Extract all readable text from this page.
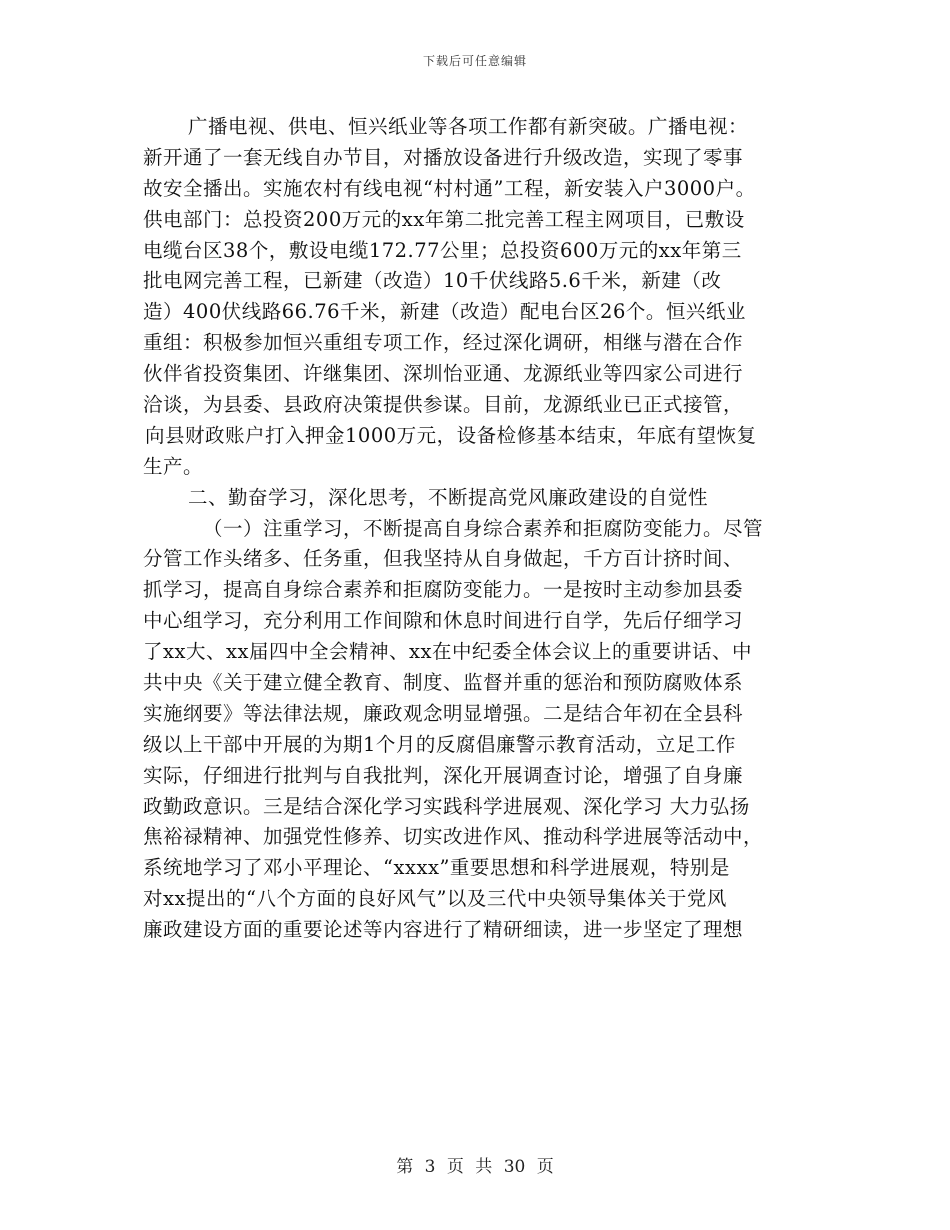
下载后可任意编辑
广播电视、供电、恒兴纸业等各项工作都有新突破。广播电视：
新开通了一套无线自办节目，对播放设备进行升级改造，实现了零事
故安全播出。实施农村有线电视“村村通”工程，新安装入户3000户。
供电部门：总投资200万元的xx年第二批完善工程主网项目，已敷设
电缆台区38个，敷设电缆172.77公里；总投资600万元的xx年第三
批电网完善工程，已新建（改造）10千伏线路5.6千米，新建（改
造）400伏线路66.76千米，新建（改造）配电台区26个。恒兴纸业
重组：积极参加恒兴重组专项工作，经过深化调研，相继与潜在合作
伙伴省投资集团、许继集团、深圳怡亚通、龙源纸业等四家公司进行
洽谈，为县委、县政府决策提供参谋。目前，龙源纸业已正式接管，
向县财政账户打入押金1000万元，设备检修基本结束，年底有望恢复
生产。
二、勤奋学习，深化思考，不断提高党风廉政建设的自觉性
（一）注重学习，不断提高自身综合素养和拒腐防变能力。尽管
分管工作头绪多、任务重，但我坚持从自身做起，千方百计挤时间、
抓学习，提高自身综合素养和拒腐防变能力。一是按时主动参加县委
中心组学习，充分利用工作间隙和休息时间进行自学，先后仔细学习
了xx大、xx届四中全会精神、xx在中纪委全体会议上的重要讲话、中
共中央《关于建立健全教育、制度、监督并重的惩治和预防腐败体系
实施纲要》等法律法规，廉政观念明显增强。二是结合年初在全县科
级以上干部中开展的为期1个月的反腐倡廉警示教育活动，立足工作
实际，仔细进行批判与自我批判，深化开展调查讨论，增强了自身廉
政勤政意识。三是结合深化学习实践科学进展观、深化学习 大力弘扬
焦裕禄精神、加强党性修养、切实改进作风、推动科学进展等活动中，
系统地学习了邓小平理论、“xxxx”重要思想和科学进展观，特别是
对xx提出的“八个方面的良好风气”以及三代中央领导集体关于党风
廉政建设方面的重要论述等内容进行了精研细读，进一步坚定了理想
第 3 页 共 30 页
